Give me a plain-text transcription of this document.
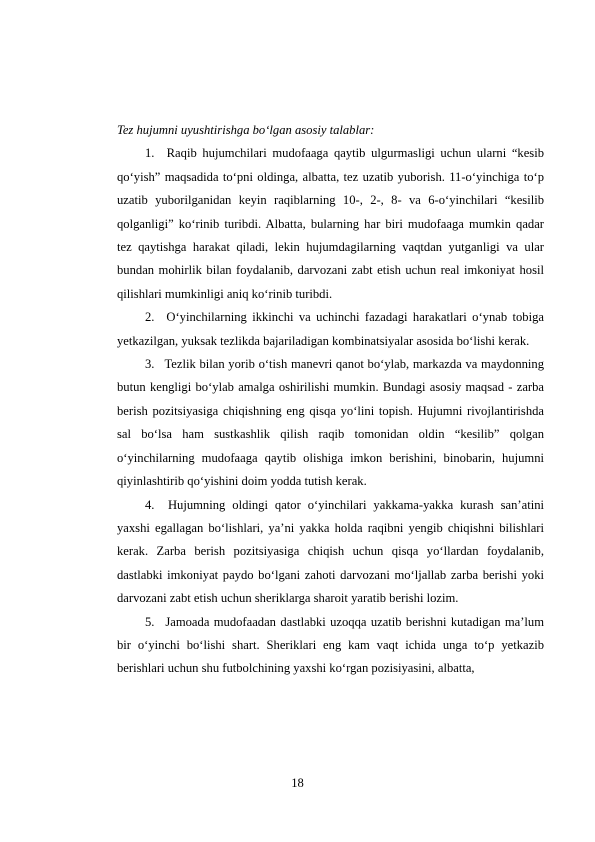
Tez hujumni uyushtirishga bo‘lgan asosiy talablar:

1. Raqib hujumchilari mudofaaga qaytib ulgurmasligi uchun ularni “kesib qo‘yish” maqsadida to‘pni oldinga, albatta, tez uzatib yuborish. 11-o‘yinchiga to‘p uzatib yuborilganidan keyin raqiblarning 10-, 2-, 8- va 6-o‘yinchilari “kesilib qolganligi” ko‘rinib turibdi. Albatta, bularning har biri mudofaaga mumkin qadar tez qaytishga harakat qiladi, lekin hujumdagilarning vaqtdan yutganligi va ular bundan mohirlik bilan foydalanib, darvozani zabt etish uchun real imkoniyat hosil qilishlari mumkinligi aniq ko‘rinib turibdi.

2. O‘yinchilarning ikkinchi va uchinchi fazadagi harakatlari o‘ynab tobiga yetkazilgan, yuksak tezlikda bajariladigan kombinatsiyalar asosida bo‘lishi kerak.

3. Tezlik bilan yorib o‘tish manevri qanot bo‘ylab, markazda va maydonning butun kengligi bo‘ylab amalga oshirilishi mumkin. Bundagi asosiy maqsad - zarba berish pozitsiyasiga chiqishning eng qisqa yo‘lini topish. Hujumni rivojlantirishda sal bo‘lsa ham sustkashlik qilish raqib tomonidan oldin “kesilib” qolgan o‘yinchilarning mudofaaga qaytib olishiga imkon berishini, binobarin, hujumni qiyinlashtirib qo‘yishini doim yodda tutish kerak.

4. Hujumning oldingi qator o‘yinchilari yakkama-yakka kurash san’atini yaxshi egallagan bo‘lishlari, ya’ni yakka holda raqibni yengib chiqishni bilishlari kerak. Zarba berish pozitsiyasiga chiqish uchun qisqa yo‘llardan foydalanib, dastlabki imkoniyat paydo bo‘lgani zahoti darvozani mo‘ljallab zarba berishi yoki darvozani zabt etish uchun sheriklarga sharoit yaratib berishi lozim.

5. Jamoada mudofaadan dastlabki uzoqqa uzatib berishni kutadigan ma’lum bir o‘yinchi bo‘lishi shart. Sheriklari eng kam vaqt ichida unga to‘p yetkazib berishlari uchun shu futbolchining yaxshi ko‘rgan pozisiyasini, albatta,

18
